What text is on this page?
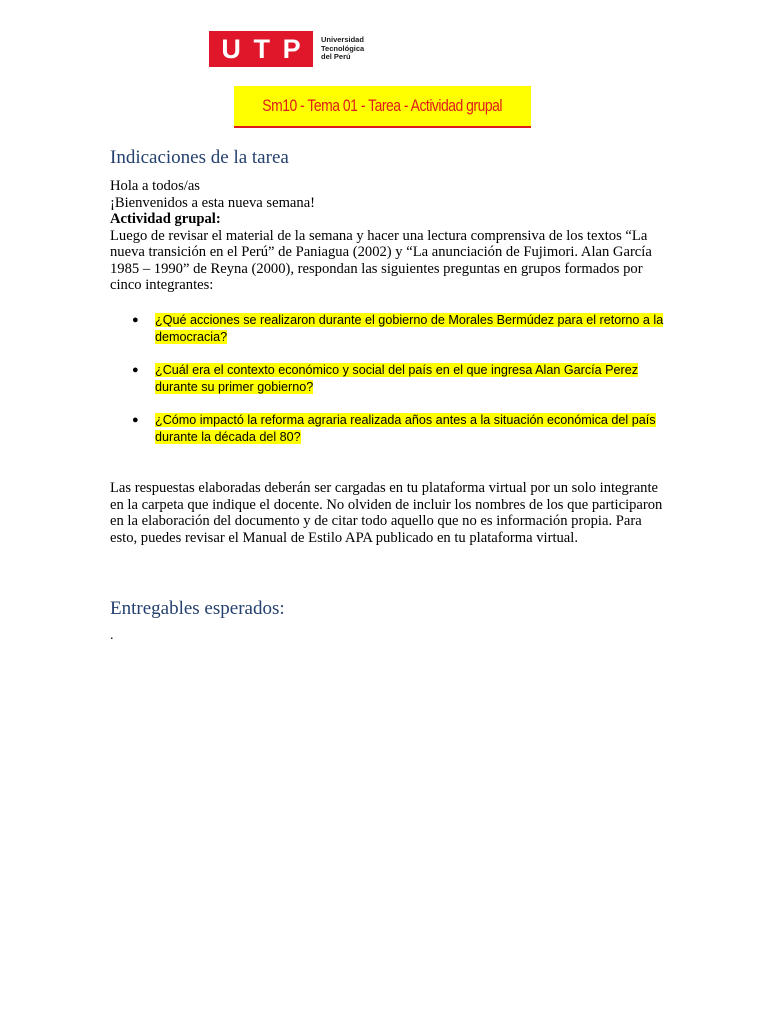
U T P	Universidad
Tecnológica
del Perú
Sm10 - Tema 01 - Tarea - Actividad grupal
Indicaciones de la tarea
Hola a todos/as
¡Bienvenidos a esta nueva semana!
Actividad grupal:
Luego de revisar el material de la semana y hacer una lectura comprensiva de los textos “La nueva transición en el Perú” de Paniagua (2002) y “La anunciación de Fujimori. Alan García 1985 – 1990” de Reyna (2000), respondan las siguientes preguntas en grupos formados por cinco integrantes:
● ¿Qué acciones se realizaron durante el gobierno de Morales Bermúdez para el retorno a la democracia?
● ¿Cuál era el contexto económico y social del país en el que ingresa Alan García Perez durante su primer gobierno?
● ¿Cómo impactó la reforma agraria realizada años antes a la situación económica del país durante la década del 80?
Las respuestas elaboradas deberán ser cargadas en tu plataforma virtual por un solo integrante en la carpeta que indique el docente. No olviden de incluir los nombres de los que participaron en la elaboración del documento y de citar todo aquello que no es información propia. Para esto, puedes revisar el Manual de Estilo APA publicado en tu plataforma virtual.
Entregables esperados:
.
